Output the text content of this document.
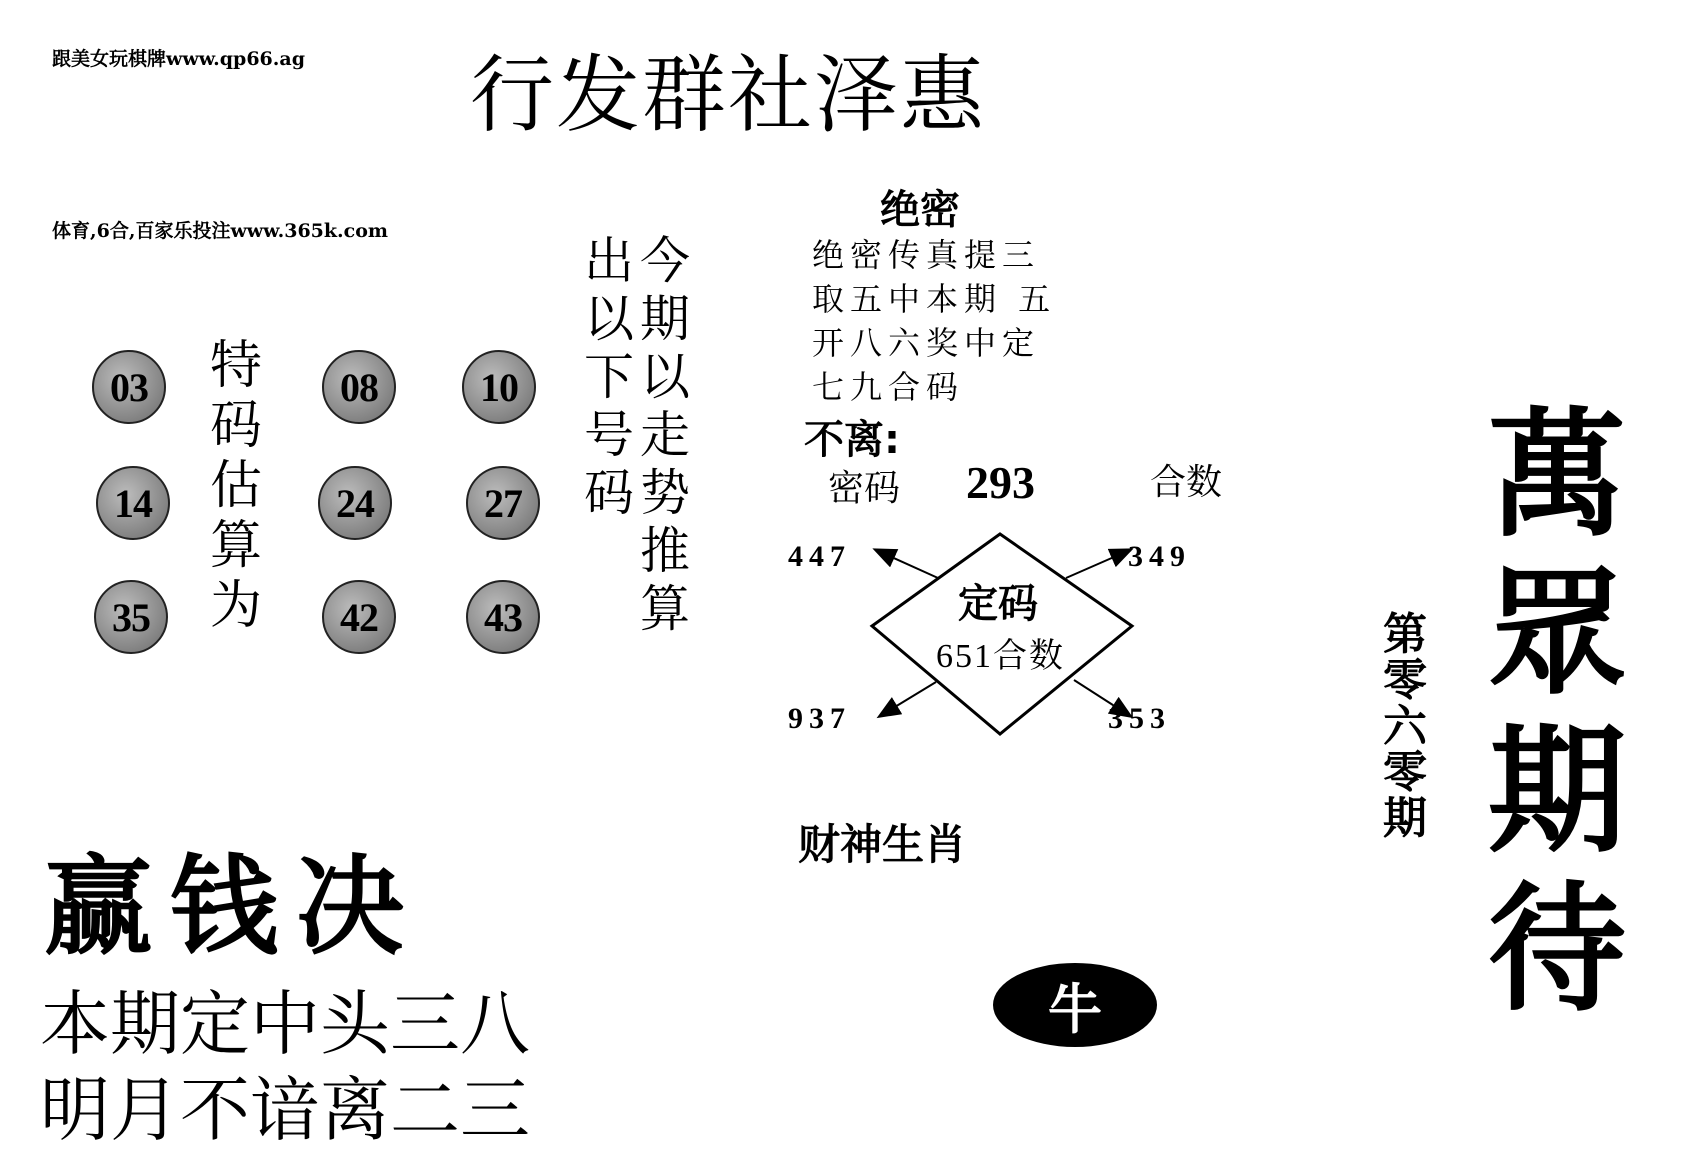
跟美女玩棋牌www.qp66.ag 行发群社泽惠
体育,6合,百家乐投注www.365k.com
03	08	10
14	24	27
35	42	43
特
码
估
算
为
今
期
以
走
势
推
算
出
以
下
号
码
绝密
绝密传真提三
取五中本期 五
开八六奖中定
七九合码
不离:
密码 293	合数
447	349
937	353
定码
651合数
财神生肖
牛
第
零
六
零
期
萬
眾
期
待
赢钱决
本期定中头三八
明月不谙离二三
